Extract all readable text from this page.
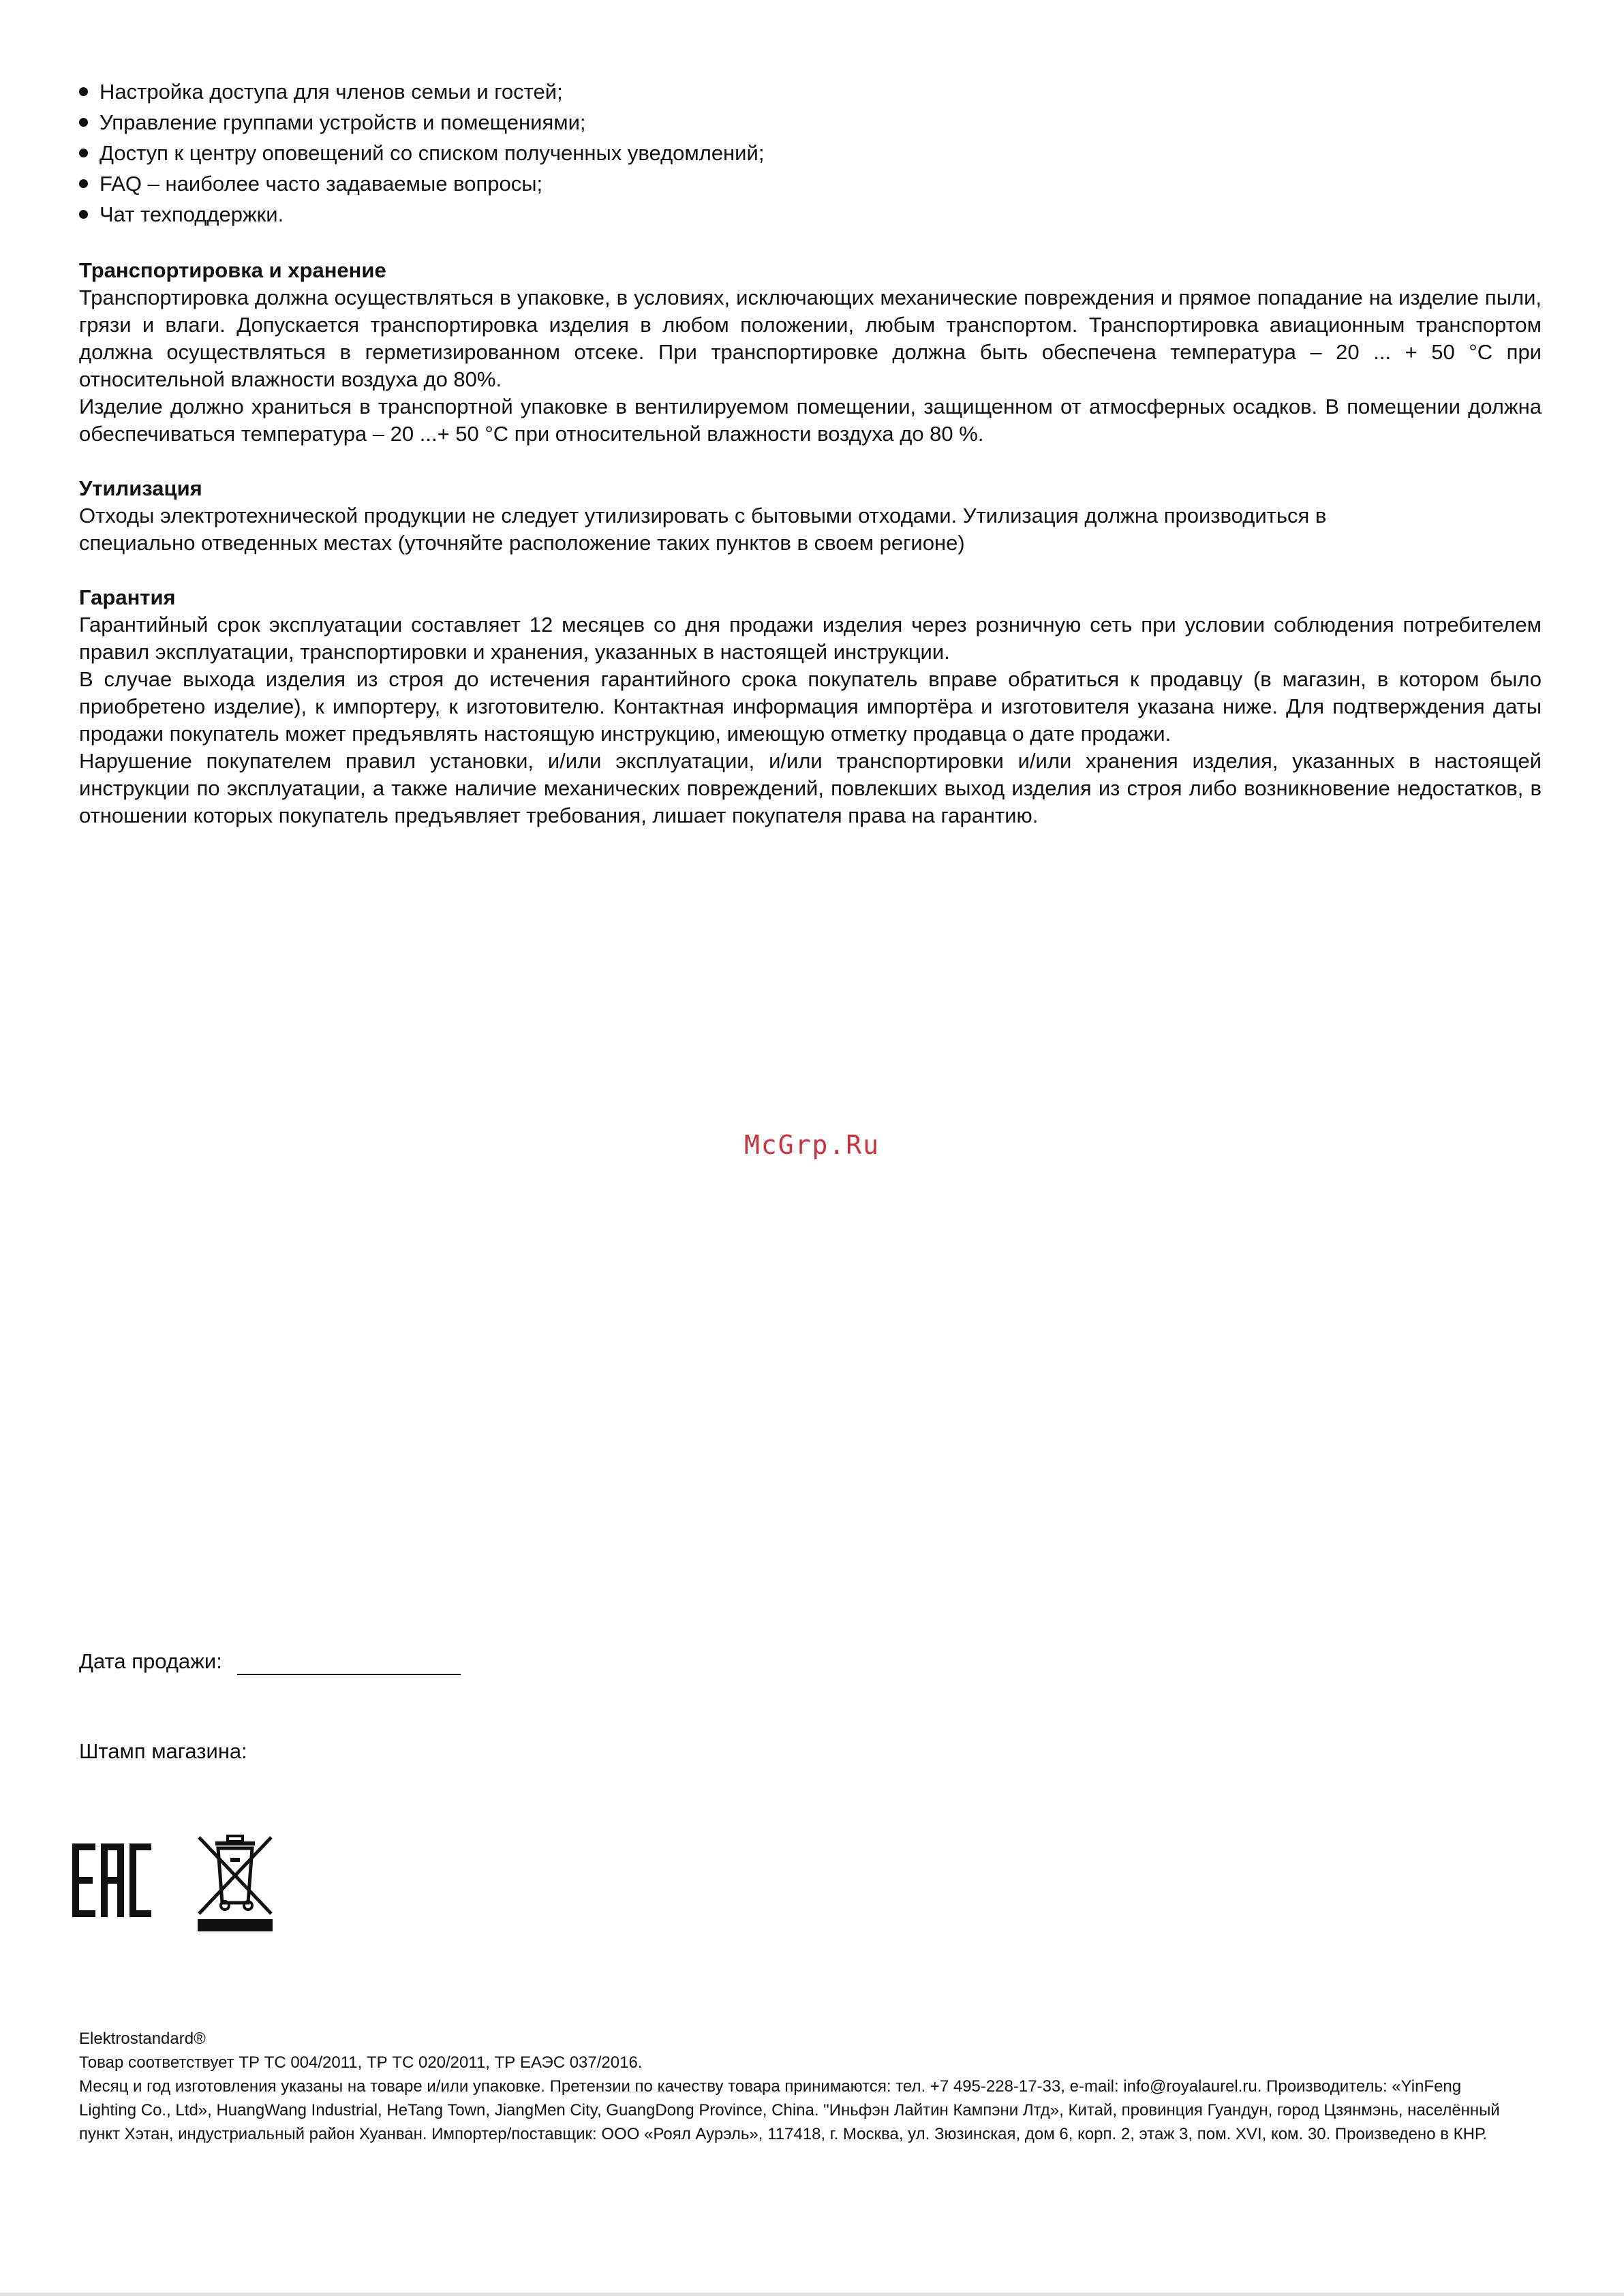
Настройка доступа для членов семьи и гостей;
Управление группами устройств и помещениями;
Доступ к центру оповещений со списком полученных уведомлений;
FAQ – наиболее часто задаваемые вопросы;
Чат техподдержки.
Транспортировка и хранение

Транспортировка должна осуществляться в упаковке, в условиях, исключающих механические повреждения и прямое попадание на изделие пыли, грязи и влаги. Допускается транспортировка изделия в любом положении, любым транспортом. Транспортировка авиационным транспортом должна осуществляться в герметизированном отсеке. При транспортировке должна быть обеспечена температура – 20 ... + 50 °С при относительной влажности воздуха до 80%.

Изделие должно храниться в транспортной упаковке в вентилируемом помещении, защищенном от атмосферных осадков. В помещении должна обеспечиваться температура – 20 ...+ 50 °С при относительной влажности воздуха до 80 %.

Утилизация

Отходы электротехнической продукции не следует утилизировать с бытовыми отходами. Утилизация должна производиться в специально отведенных местах (уточняйте расположение таких пунктов в своем регионе)

Гарантия

Гарантийный срок эксплуатации составляет 12 месяцев со дня продажи изделия через розничную сеть при условии соблюдения потребителем правил эксплуатации, транспортировки и хранения, указанных в настоящей инструкции.

В случае выхода изделия из строя до истечения гарантийного срока покупатель вправе обратиться к продавцу (в магазин, в котором было приобретено изделие), к импортеру, к изготовителю. Контактная информация импортёра и изготовителя указана ниже. Для подтверждения даты продажи покупатель может предъявлять настоящую инструкцию, имеющую отметку продавца о дате продажи.

Нарушение покупателем правил установки, и/или эксплуатации, и/или транспортировки и/или хранения изделия, указанных в настоящей инструкции по эксплуатации, а также наличие механических повреждений, повлекших выход изделия из строя либо возникновение недостатков, в отношении которых покупатель предъявляет требования, лишает покупателя права на гарантию.

McGrp.Ru
Дата продажи:
Штамп магазина:
Elektrostandard®
Товар соответствует ТР ТС 004/2011, ТР ТС 020/2011, ТР ЕАЭС 037/2016.
Месяц и год изготовления указаны на товаре и/или упаковке. Претензии по качеству товара принимаются: тел. +7 495-228-17-33, e-mail: info@royalaurel.ru. Производитель: «YinFeng Lighting Co., Ltd», HuangWang Industrial, HeTang Town, JiangMen City, GuangDong Province, China. "Иньфэн Лайтин Кампэни Лтд», Китай, провинция Гуандун, город Цзянмэнь, населённый пункт Хэтан, индустриальный район Хуанван. Импортер/поставщик: ООО «Роял Аурэль», 117418, г. Москва, ул. Зюзинская, дом 6, корп. 2, этаж 3, пом. XVI, ком. 30. Произведено в КНР.
